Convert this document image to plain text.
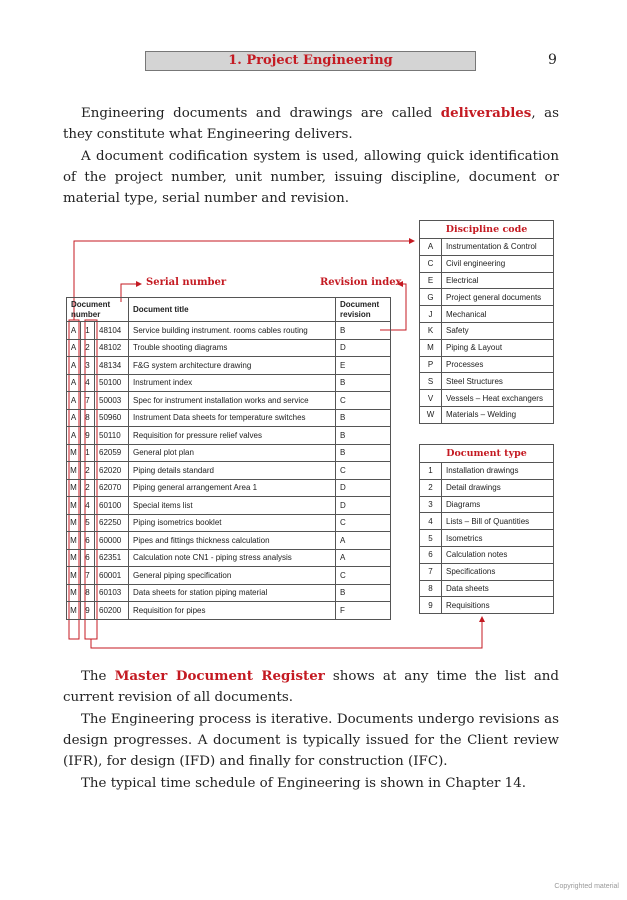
1. Project Engineering	9

Engineering documents and drawings are called deliverables, as they constitute what Engineering delivers.

A document codification system is used, allowing quick identification of the project number, unit number, issuing discipline, document or material type, serial number and revision.

Serial number	Revision index
Document number			Document title	Document revision
A	1	48104	Service building instrument. rooms cables routing	B
A	2	48102	Trouble shooting diagrams	D
A	3	48134	F&G system architecture drawing	E
A	4	50100	Instrument index	B
A	7	50003	Spec for instrument installation works and service	C
A	8	50960	Instrument Data sheets for temperature switches	B
A	9	50110	Requisition for pressure relief valves	B
M	1	62059	General plot plan	B
M	2	62020	Piping details standard	C
M	2	62070	Piping general arrangement Area 1	D
M	4	60100	Special items list	D
M	5	62250	Piping isometrics booklet	C
M	6	60000	Pipes and fittings thickness calculation	A
M	6	62351	Calculation note CN1 - piping stress analysis	A
M	7	60001	General piping specification	C
M	8	60103	Data sheets for station piping material	B
M	9	60200	Requisition for pipes	F
Discipline code	
A	Instrumentation & Control
C	Civil engineering
E	Electrical
G	Project general documents
J	Mechanical
K	Safety
M	Piping & Layout
P	Processes
S	Steel Structures
V	Vessels – Heat exchangers
W	Materials – Welding
Document type	
1	Installation drawings
2	Detail drawings
3	Diagrams
4	Lists – Bill of Quantities
5	Isometrics
6	Calculation notes
7	Specifications
8	Data sheets
9	Requisitions

The Master Document Register shows at any time the list and current revision of all documents.

The Engineering process is iterative. Documents undergo revisions as design progresses. A document is typically issued for the Client review (IFR), for design (IFD) and finally for construction (IFC).

The typical time schedule of Engineering is shown in Chapter 14.

Copyrighted material
